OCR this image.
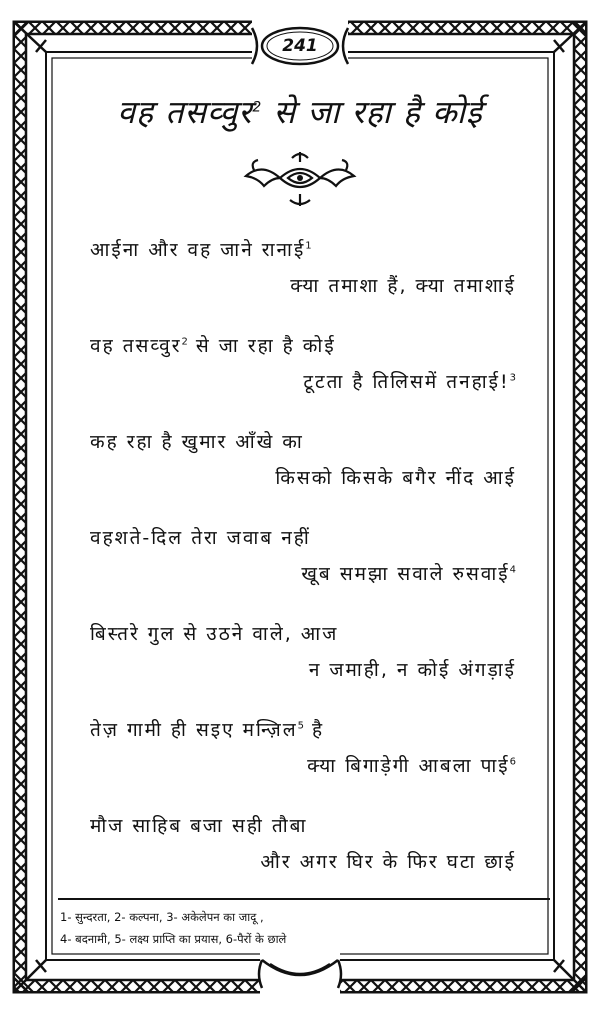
241
वह तसव्वुर$^2$ से जा रहा है कोई
आईना और वह जाने रानाई$^1$
क्या तमाशा हैं, क्या तमाशाई
वह तसव्वुर$^2$ से जा रहा है कोई
टूटता है तिलिसमें तनहाई!$^3$
कह रहा है खुमार आँखे का
किसको किसके बगैर नींद आई
वहशते-दिल तेरा जवाब नहीं
खूब समझा सवाले रुसवाई$^4$
बिस्तरे गुल से उठने वाले, आज
न जमाही, न कोई अंगड़ाई
तेज़ गामी ही सइए मन्ज़िल$^5$ है
क्या बिगाड़ेगी आबला पाई$^6$
मौज साहिब बजा सही तौबा
और अगर घिर के फिर घटा छाई
1- सुन्दरता, 2- कल्पना, 3- अकेलेपन का जादू ,
4- बदनामी, 5- लक्ष्य प्राप्ति का प्रयास, 6-पैरों के छाले
